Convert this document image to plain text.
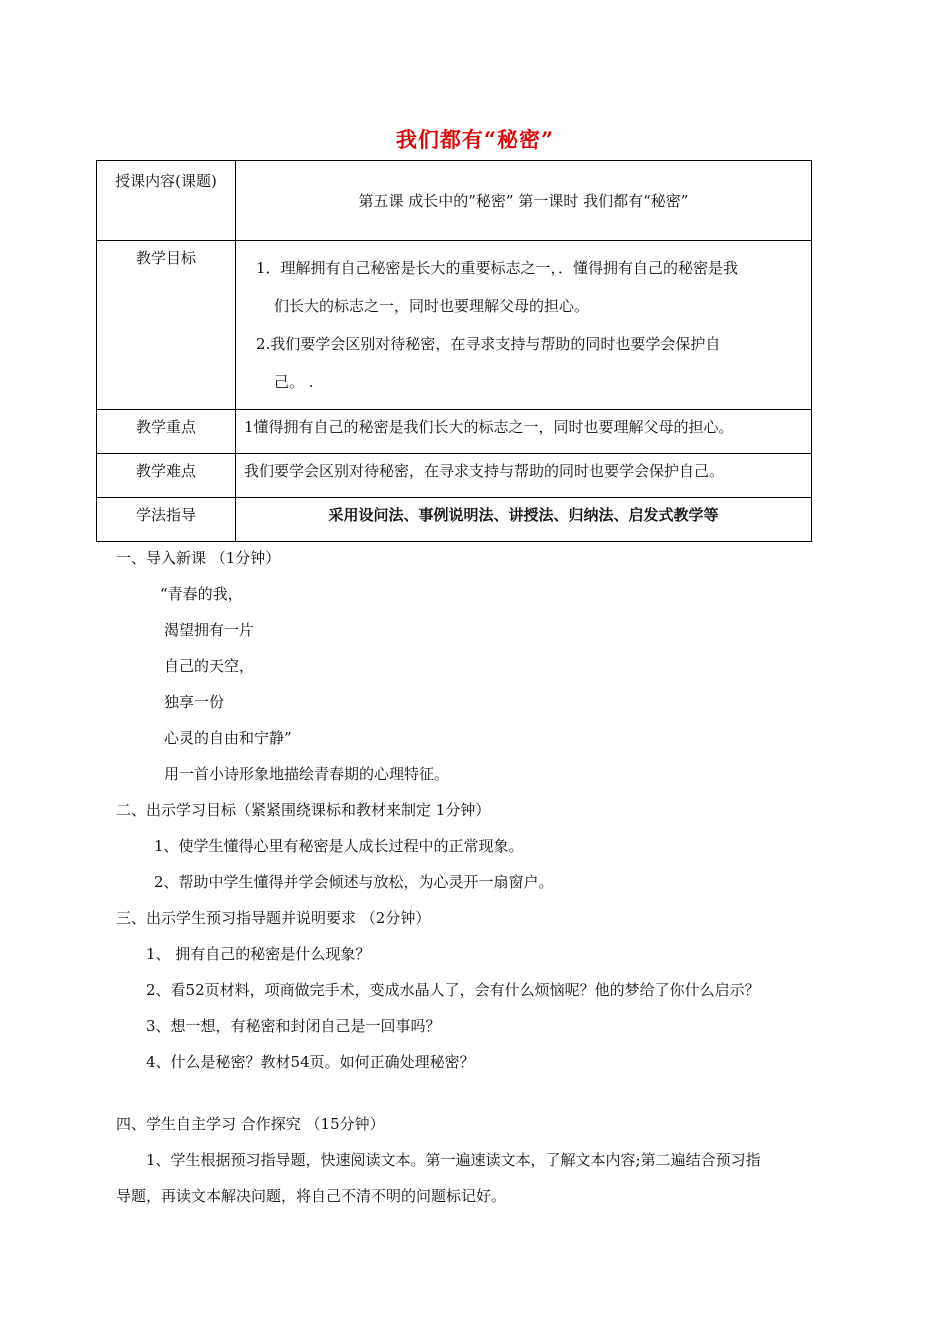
我们都有“秘密”
授课内容(课题)	第五课 成长中的”秘密” 第一课时 我们都有“秘密”
教学目标	1．理解拥有自己秘密是长大的重要标志之一，．懂得拥有自己的秘密是我

们长大的标志之一，同时也要理解父母的担心。

2.我们要学会区别对待秘密，在寻求支持与帮助的同时也要学会保护自

己。 .

教学重点	1懂得拥有自己的秘密是我们长大的标志之一，同时也要理解父母的担心。
教学难点	我们要学会区别对待秘密，在寻求支持与帮助的同时也要学会保护自己。
学法指导	采用设问法、事例说明法、讲授法、归纳法、启发式教学等

一、导入新课 （1分钟）

“青春的我，

渴望拥有一片

自己的天空，

独享一份

心灵的自由和宁静”

用一首小诗形象地描绘青春期的心理特征。

二、出示学习目标（紧紧围绕课标和教材来制定 1分钟）

1、使学生懂得心里有秘密是人成长过程中的正常现象。

2、帮助中学生懂得并学会倾述与放松，为心灵开一扇窗户。

三、出示学生预习指导题并说明要求 （2分钟）

1、 拥有自己的秘密是什么现象？

2、看52页材料，项商做完手术，变成水晶人了，会有什么烦恼呢？他的梦给了你什么启示？

3、想一想，有秘密和封闭自己是一回事吗？

4、什么是秘密？教材54页。如何正确处理秘密？

四、学生自主学习 合作探究 （15分钟）

1、学生根据预习指导题，快速阅读文本。第一遍速读文本，了解文本内容;第二遍结合预习指

导题，再读文本解决问题，将自己不清不明的问题标记好。
